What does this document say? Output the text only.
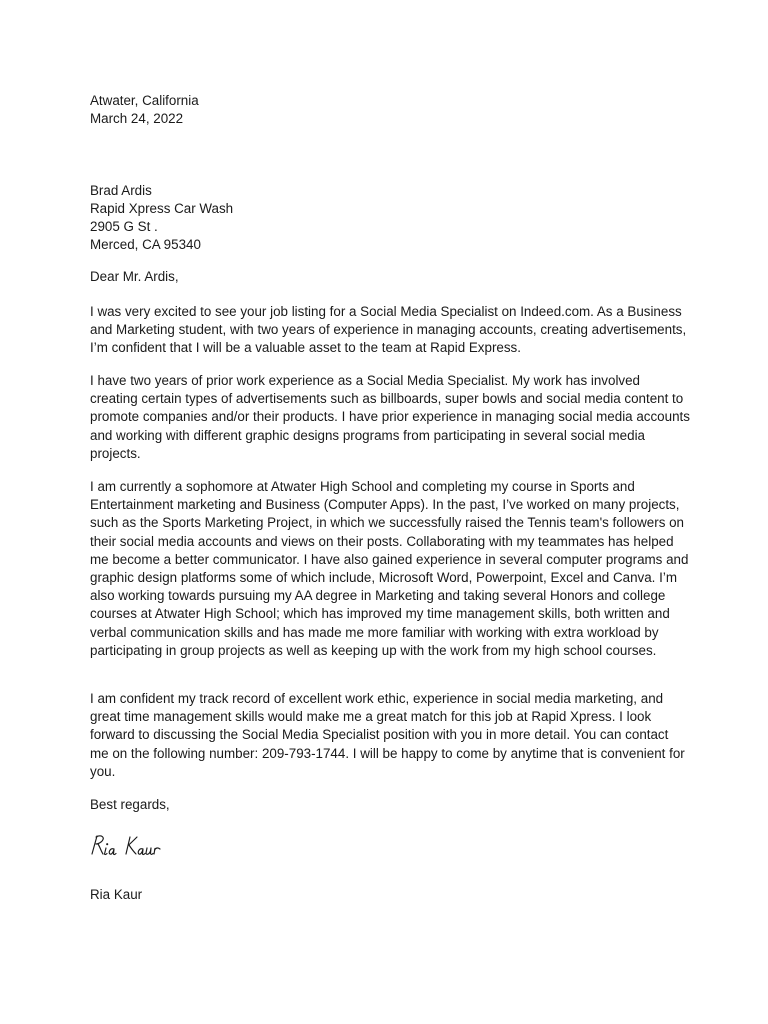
Atwater, California
March 24, 2022
Brad Ardis
Rapid Xpress Car Wash
2905 G St .
Merced, CA 95340
Dear Mr. Ardis,

I was very excited to see your job listing for a Social Media Specialist on Indeed.com. As a Business and Marketing student, with two years of experience in managing accounts, creating advertisements, I’m confident that I will be a valuable asset to the team at Rapid Express.

I have two years of prior work experience as a Social Media Specialist. My work has involved creating certain types of advertisements such as billboards, super bowls and social media content to promote companies and/or their products. I have prior experience in managing social media accounts and working with different graphic designs programs from participating in several social media projects.

I am currently a sophomore at Atwater High School and completing my course in Sports and Entertainment marketing and Business (Computer Apps). In the past, I’ve worked on many projects, such as the Sports Marketing Project, in which we successfully raised the Tennis team's followers on their social media accounts and views on their posts. Collaborating with my teammates has helped me become a better communicator. I have also gained experience in several computer programs and graphic design platforms some of which include, Microsoft Word, Powerpoint, Excel and Canva. I’m also working towards pursuing my AA degree in Marketing and taking several Honors and college courses at Atwater High School; which has improved my time management skills, both written and verbal communication skills and has made me more familiar with working with extra workload by participating in group projects as well as keeping up with the work from my high school courses.

I am confident my track record of excellent work ethic, experience in social media marketing, and great time management skills would make me a great match for this job at Rapid Xpress. I look forward to discussing the Social Media Specialist position with you in more detail. You can contact me on the following number: 209-793-1744. I will be happy to come by anytime that is convenient for you.

Best regards,
Ria Kaur
